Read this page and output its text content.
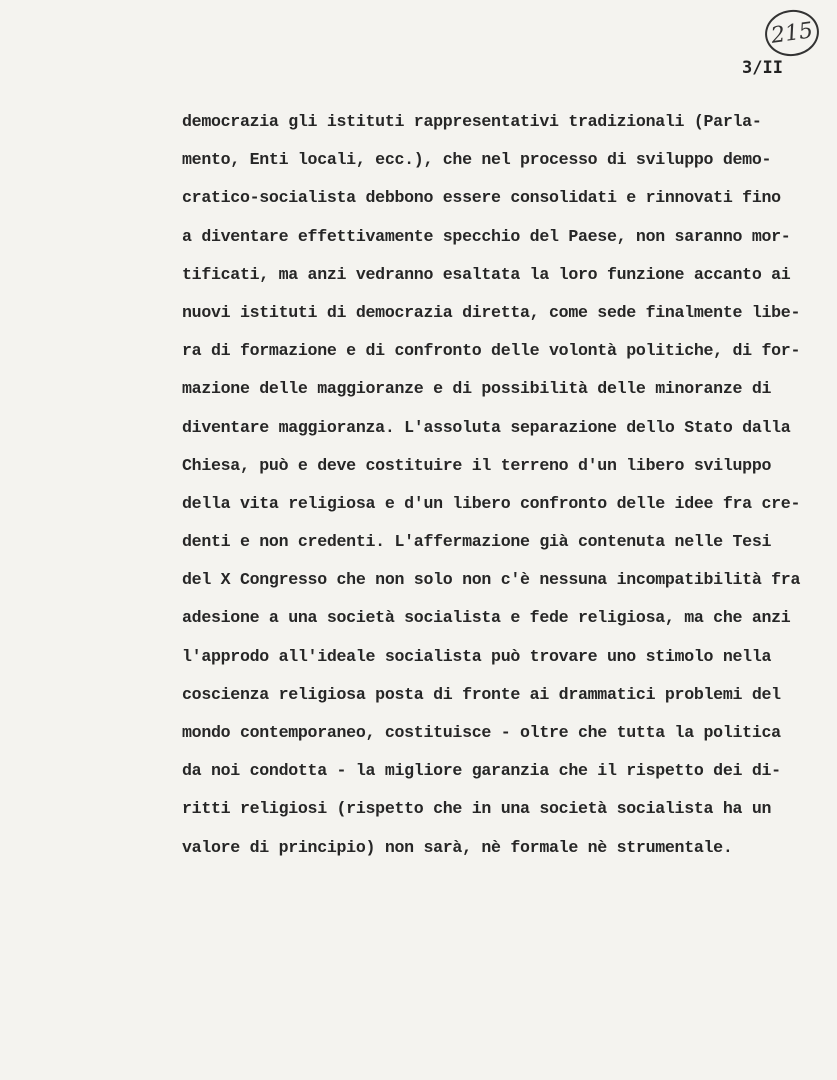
215
3/II
democrazia gli istituti rappresentativi tradizionali (Parla-
mento, Enti locali, ecc.), che nel processo di sviluppo demo-
cratico-socialista debbono essere consolidati e rinnovati fino
a diventare effettivamente specchio del Paese, non saranno mor-
tificati, ma anzi vedranno esaltata la loro funzione accanto ai
nuovi istituti di democrazia diretta, come sede finalmente libe-
ra di formazione e di confronto delle volontà politiche, di for-
mazione delle maggioranze e di possibilità delle minoranze di
diventare maggioranza. L'assoluta separazione dello Stato dalla
Chiesa, può e deve costituire il terreno d'un libero sviluppo
della vita religiosa e d'un libero confronto delle idee fra cre-
denti e non credenti. L'affermazione già contenuta nelle Tesi
del X Congresso che non solo non c'è nessuna incompatibilità fra
adesione a una società socialista e fede religiosa, ma che anzi
l'approdo all'ideale socialista può trovare uno stimolo nella
coscienza religiosa posta di fronte ai drammatici problemi del
mondo contemporaneo, costituisce - oltre che tutta la politica
da noi condotta - la migliore garanzia che il rispetto dei di-
ritti religiosi (rispetto che in una società socialista ha un
valore di principio) non sarà, nè formale nè strumentale.
